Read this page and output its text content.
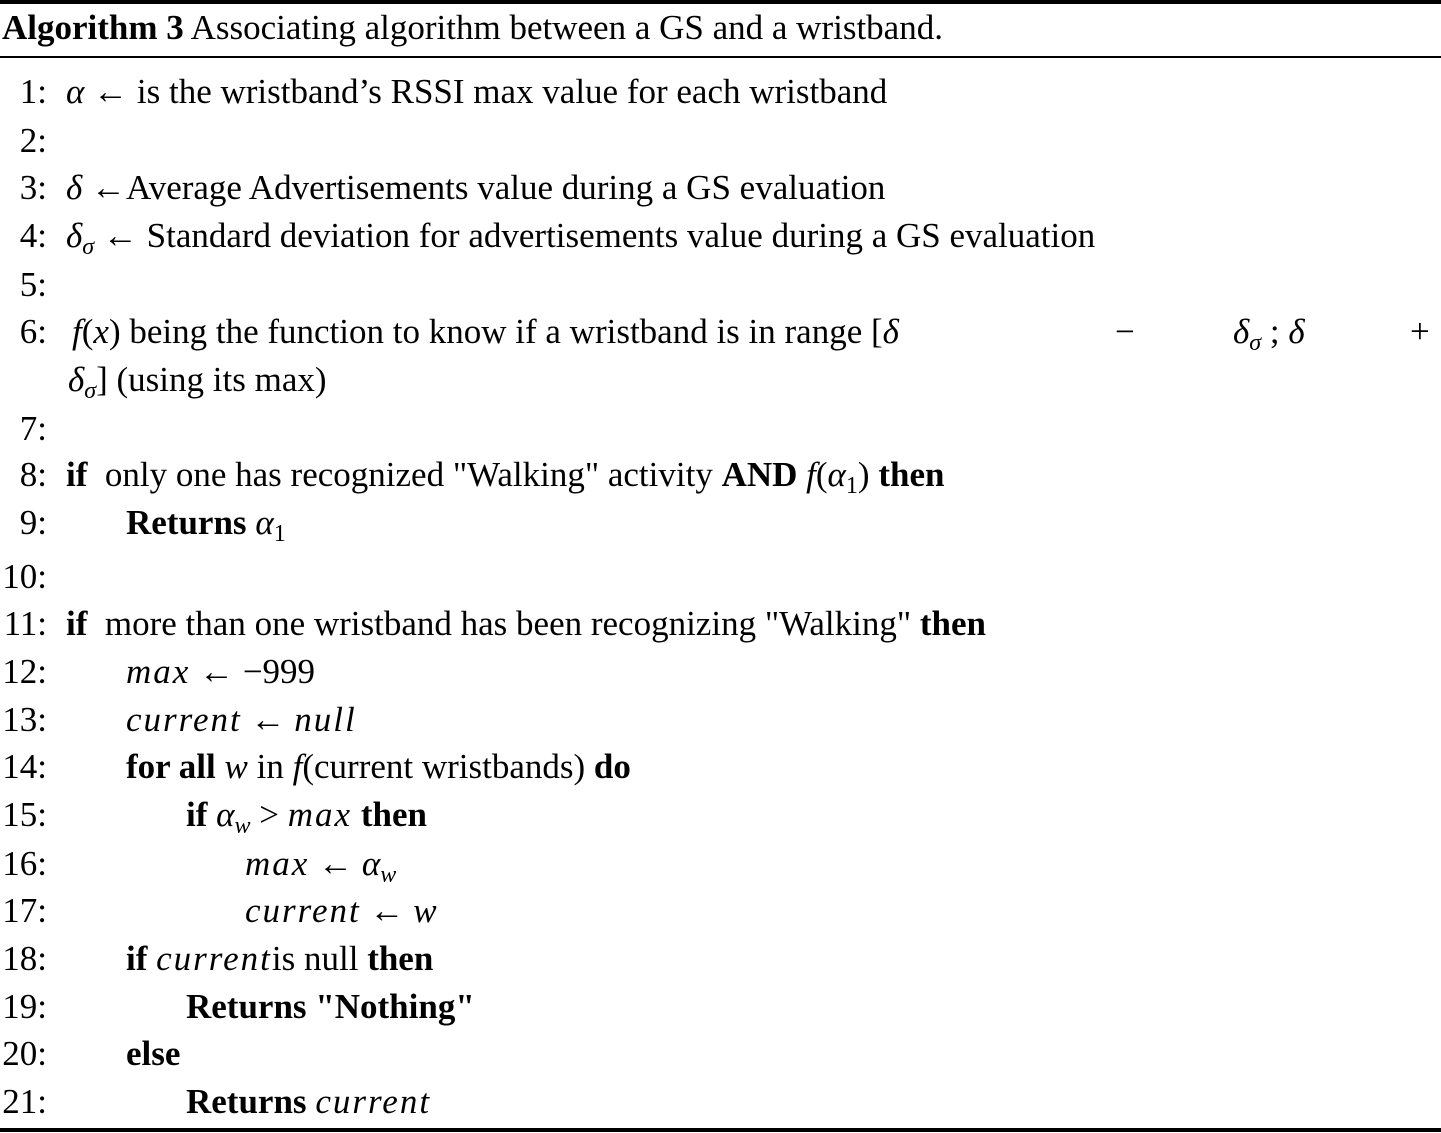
Algorithm 3 Associating algorithm between a GS and a wristband.
1: α ← is the wristband’s RSSI max value for each wristband
2:
3: δ ←Average Advertisements value during a GS evaluation
4: $\delta_\sigma$ ← Standard deviation for advertisements value during a GS evaluation
5:
6: f(x) being the function to know if a wristband is in range [δ	−	$\delta_\sigma$ ; δ	+
$\delta_\sigma$] (using its max)
7:
8: if only one has recognized "Walking" activity AND $f(\alpha_1)$ then
9: Returns $\alpha_1$
10:
11: if more than one wristband has been recognizing "Walking" then
12: max ← −999
13: current ← null
14: for all w in f(current wristbands) do
15:	if $\alpha_w > \max$ then
16:	max ← $\alpha_w$
17:	current ← w
18: if currentis null then
19:	Returns "Nothing"
20: else
21:	Returns current
